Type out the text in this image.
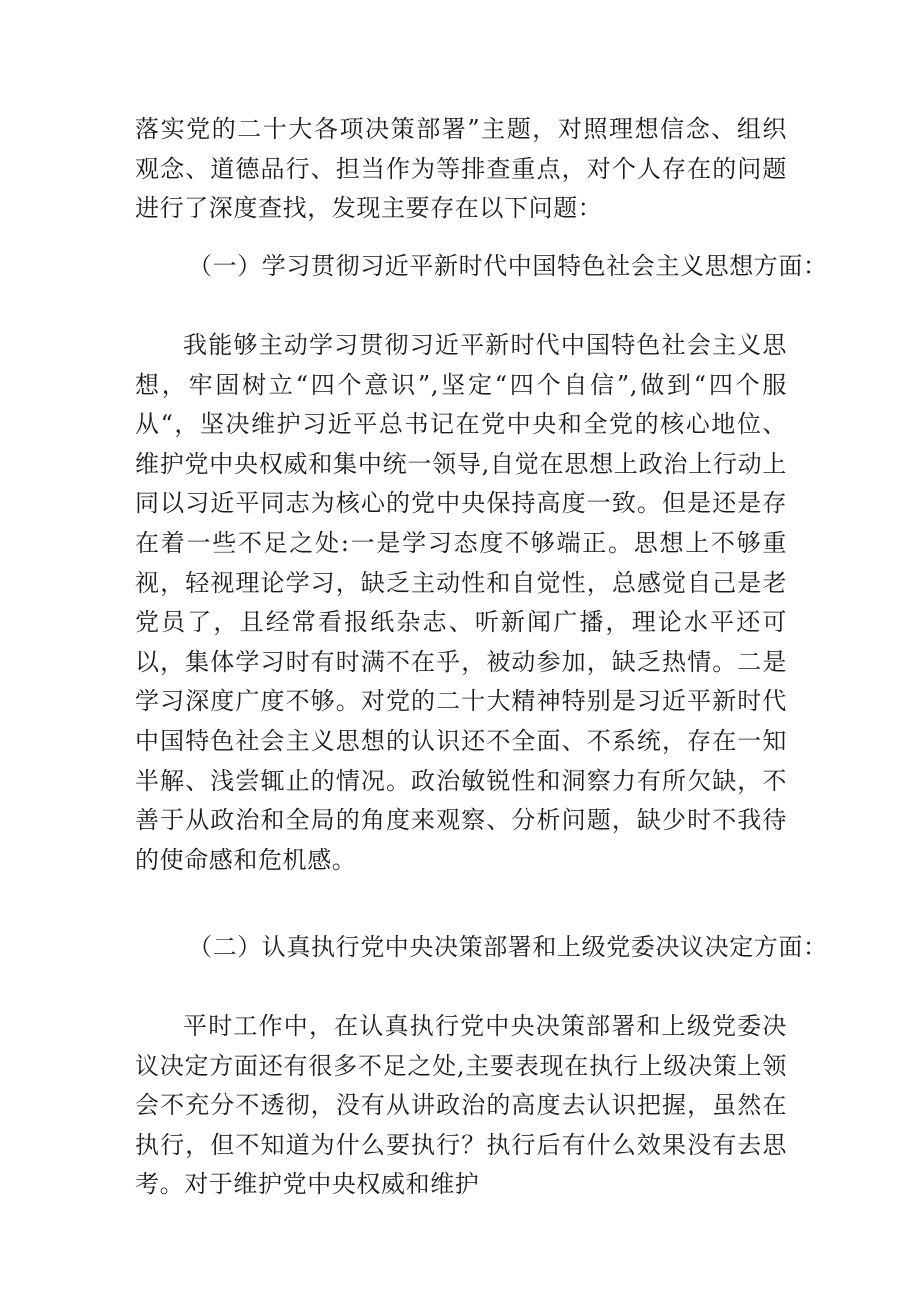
落实党的二十大各项决策部署”主题，对照理想信念、组织观念、道德品行、担当作为等排查重点，对个人存在的问题进行了深度查找，发现主要存在以下问题：

（一）学习贯彻习近平新时代中国特色社会主义思想方面：

我能够主动学习贯彻习近平新时代中国特色社会主义思想，牢固树立“四个意识”,坚定“四个自信”,做到“四个服从“，坚决维护习近平总书记在党中央和全党的核心地位、维护党中央权威和集中统一领导,自觉在思想上政治上行动上同以习近平同志为核心的党中央保持高度一致。但是还是存在着一些不足之处:一是学习态度不够端正。思想上不够重视，轻视理论学习，缺乏主动性和自觉性，总感觉自己是老党员了，且经常看报纸杂志、听新闻广播，理论水平还可以，集体学习时有时满不在乎，被动参加，缺乏热情。二是学习深度广度不够。对党的二十大精神特别是习近平新时代中国特色社会主义思想的认识还不全面、不系统，存在一知半解、浅尝辄止的情况。政治敏锐性和洞察力有所欠缺，不善于从政治和全局的角度来观察、分析问题，缺少时不我待的使命感和危机感。

（二）认真执行党中央决策部署和上级党委决议决定方面：

平时工作中，在认真执行党中央决策部署和上级党委决议决定方面还有很多不足之处,主要表现在执行上级决策上领会不充分不透彻，没有从讲政治的高度去认识把握，虽然在执行，但不知道为什么要执行？执行后有什么效果没有去思考。对于维护党中央权威和维护
